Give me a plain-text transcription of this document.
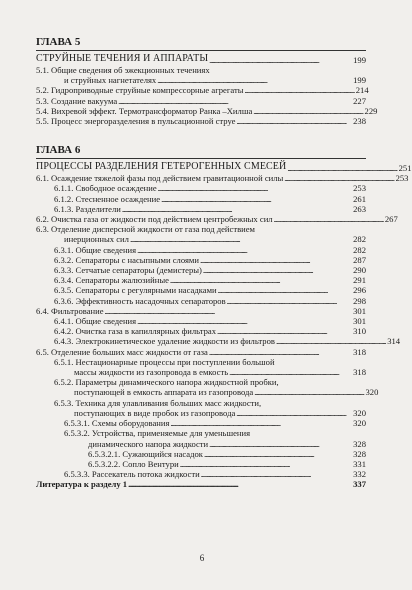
ГЛАВА 5
СТРУЙНЫЕ ТЕЧЕНИЯ И АППАРАТЫ . . .	199
5.1. Общие сведения об эжекционных течениях
и струйных нагнетателях . . .	199
5.2. Гидроприводные струйные компрессорные агрегаты . . .	214
5.3. Создание вакуума . . .	227
5.4. Вихревой эффект. Термотрансформатор Ранка –Хилша . . .	229
5.5. Процесс энергоразделения в пульсационной струе . . .	238
ГЛАВА 6
ПРОЦЕССЫ РАЗДЕЛЕНИЯ ГЕТЕРОГЕННЫХ СМЕСЕЙ . . .	251
6.1. Осаждение тяжелой фазы под действием гравитационной силы . . .	253
6.1.1. Свободное осаждение . . .	253
6.1.2. Стесненное осаждение . . .	261
6.1.3. Разделители . . .	263
6.2. Очистка газа от жидкости под действием центробежных сил . . .	267
6.3. Отделение дисперсной жидкости от газа под действием
инерционных сил . . .	282
6.3.1. Общие сведения . . .	282
6.3.2. Сепараторы с насыпными слоями . . .	287
6.3.3. Сетчатые сепараторы (демистеры) . . .	290
6.3.4. Сепараторы жалюзийные . . .	291
6.3.5. Сепараторы с регулярными насадками . . .	296
6.3.6. Эффективность насадочных сепараторов . . .	298
6.4. Фильтрование . . .	301
6.4.1. Общие сведения . . .	301
6.4.2. Очистка газа в капиллярных фильтрах . . .	310
6.4.3. Электрокинетическое удаление жидкости из фильтров . . .	314
6.5. Отделение больших масс жидкости от газа . . .	318
6.5.1. Нестационарные процессы при поступлении большой
массы жидкости из газопровода в емкость . . .	318
6.5.2. Параметры динамического напора жидкостной пробки,
поступающей в емкость аппарата из газопровода . . .	320
6.5.3. Техника для улавливания больших масс жидкости,
поступающих в виде пробок из газопровода . . .	320
6.5.3.1. Схемы оборудования . . .	320
6.5.3.2. Устройства, применяемые для уменьшения
динамического напора жидкости . . .	328
6.5.3.2.1. Сужающийся насадок . . .	328
6.5.3.2.2. Сопло Вентури . . .	331
6.5.3.3. Рассекатель потока жидкости . . .	332
Литература к разделу 1 . . .	337
6
